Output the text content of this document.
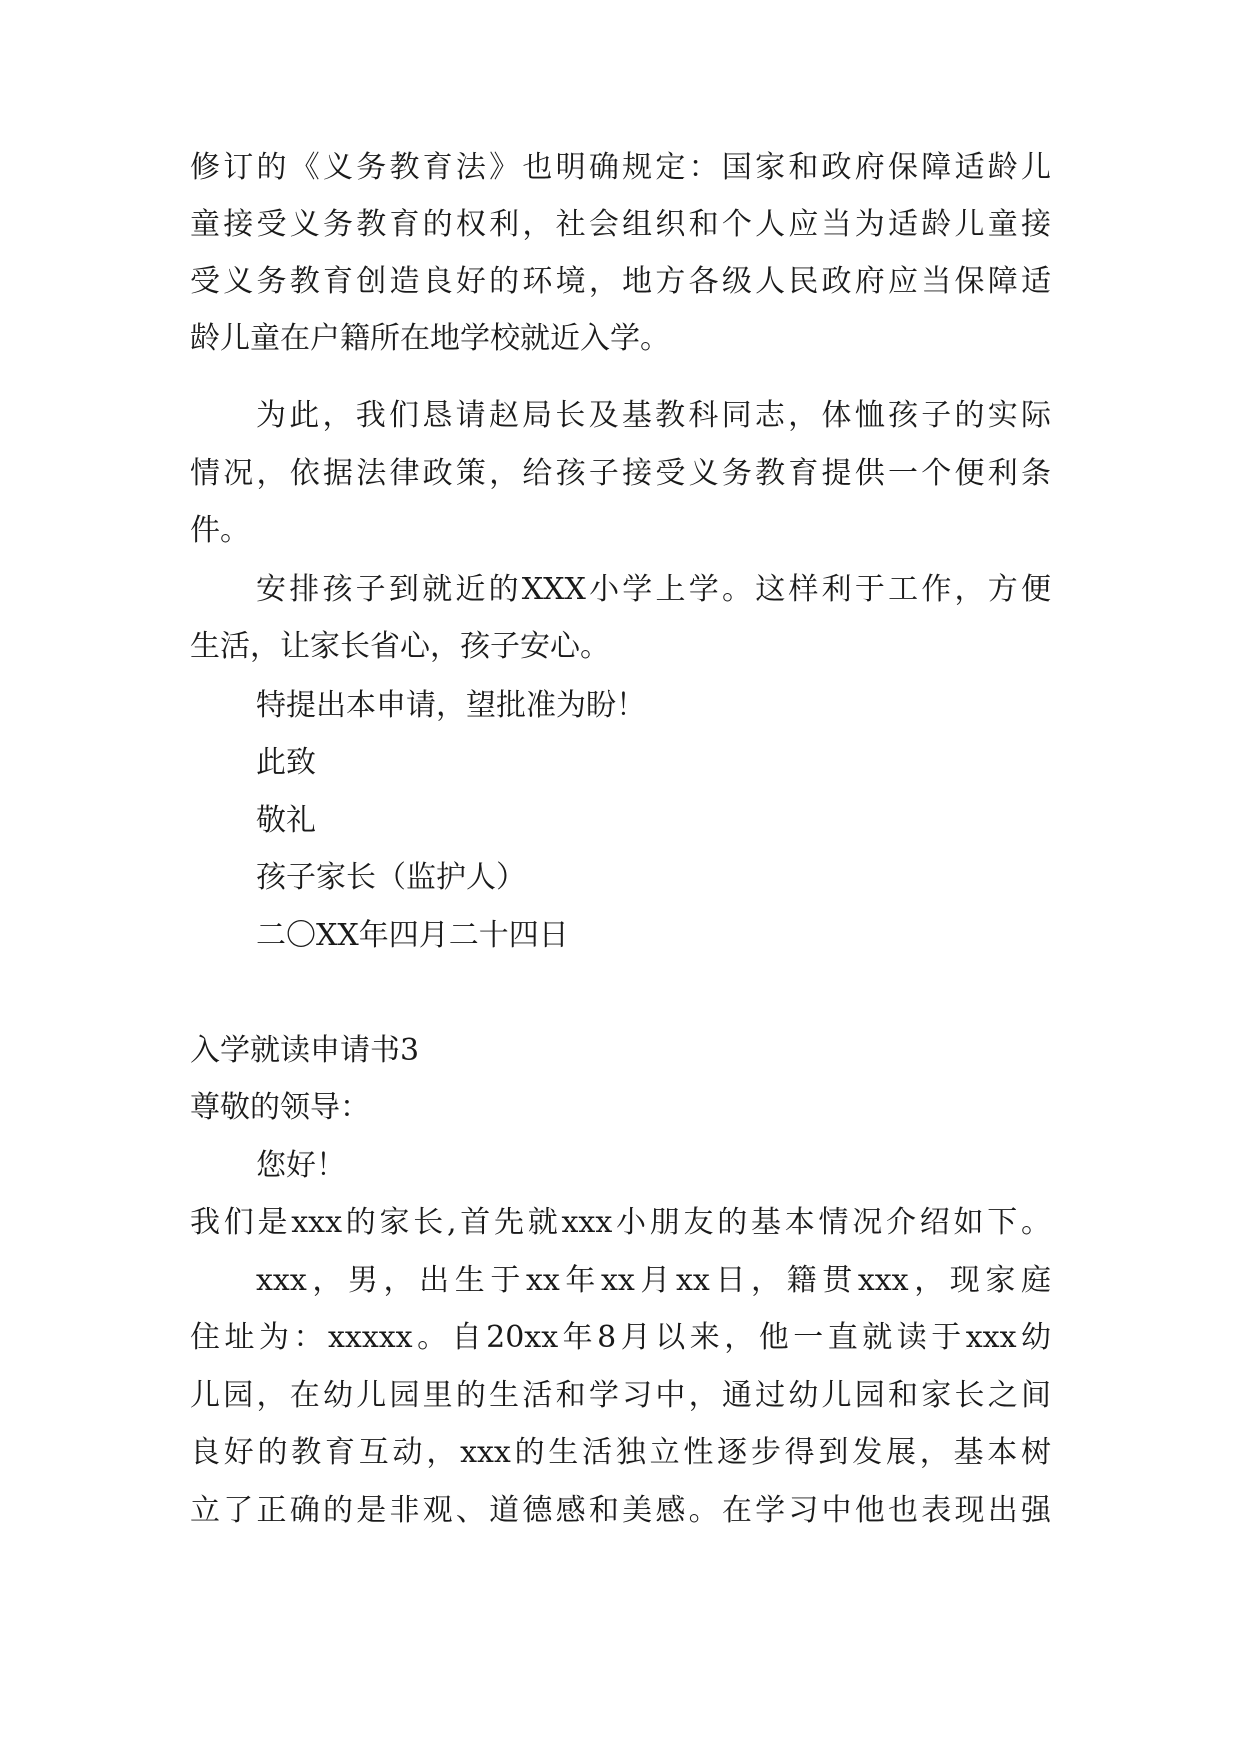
修订的《义务教育法》也明确规定：国家和政府保障适龄儿
童接受义务教育的权利，社会组织和个人应当为适龄儿童接
受义务教育创造良好的环境，地方各级人民政府应当保障适
龄儿童在户籍所在地学校就近入学。
为此，我们恳请赵局长及基教科同志，体恤孩子的实际
情况，依据法律政策，给孩子接受义务教育提供一个便利条
件。
安排孩子到就近的XXX小学上学。这样利于工作，方便
生活，让家长省心，孩子安心。
特提出本申请，望批准为盼！
此致
敬礼
孩子家长（监护人）
二〇XX年四月二十四日
入学就读申请书3
尊敬的领导：
您好！
我们是xxx的家长,首先就xxx小朋友的基本情况介绍如下。
xxx，男，出生于xx年xx月xx日，籍贯xxx，现家庭
住址为：xxxxx。自20xx年8月以来，他一直就读于xxx幼
儿园，在幼儿园里的生活和学习中，通过幼儿园和家长之间
良好的教育互动，xxx的生活独立性逐步得到发展，基本树
立了正确的是非观、道德感和美感。在学习中他也表现出强
